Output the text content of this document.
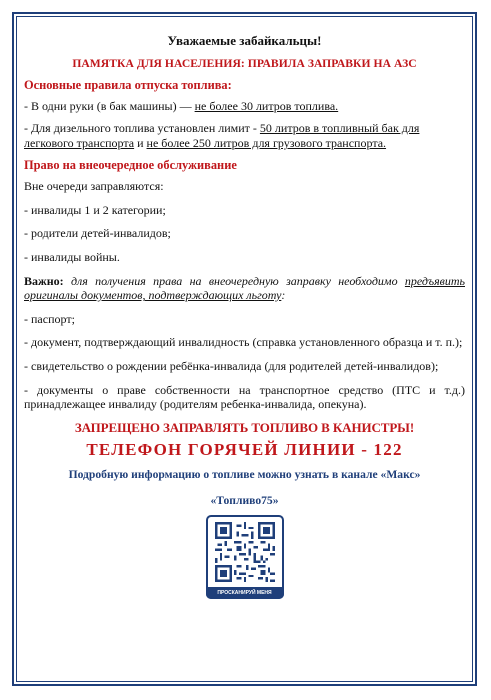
Уважаемые забайкальцы!

ПАМЯТКА ДЛЯ НАСЕЛЕНИЯ: ПРАВИЛА ЗАПРАВКИ НА АЗС

Основные правила отпуска топлива:

- В одни руки (в бак машины) — не более 30 литров топлива.

- Для дизельного топлива установлен лимит - 50 литров в топливный бак для легкового транспорта и не более 250 литров для грузового транспорта.

Право на внеочередное обслуживание

Вне очереди заправляются:

- инвалиды 1 и 2 категории;

- родители детей-инвалидов;

- инвалиды войны.

Важно: для получения права на внеочередную заправку необходимо предъявить оригиналы документов, подтверждающих льготу:

- паспорт;

- документ, подтверждающий инвалидность (справка установленного образца и т. п.);

- свидетельство о рождении ребёнка-инвалида (для родителей детей-инвалидов);

- документы о праве собственности на транспортное средство (ПТС и т.д.) принадлежащее инвалиду (родителям ребенка-инвалида, опекуна).

ЗАПРЕЩЕНО ЗАПРАВЛЯТЬ ТОПЛИВО В КАНИСТРЫ!

ТЕЛЕФОН ГОРЯЧЕЙ ЛИНИИ - 122

Подробную информацию о топливе можно узнать в канале «Макс»

«Топливо75»

ПРОСКАНИРУЙ МЕНЯ
